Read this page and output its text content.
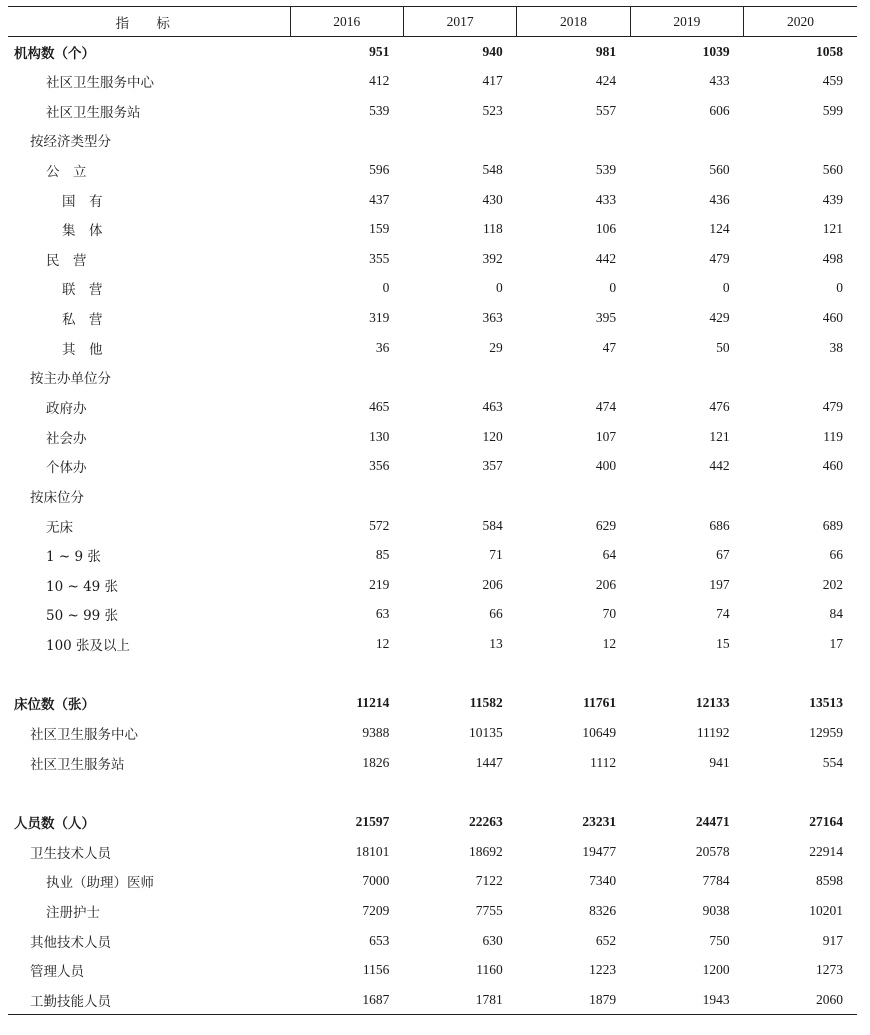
指 标	2016	2017	2018	2019	2020
机构数（个）	951	940	981	1039	1058
社区卫生服务中心	412	417	424	433	459
社区卫生服务站	539	523	557	606	599
按经济类型分					
公　立	596	548	539	560	560
国　有	437	430	433	436	439
集　体	159	118	106	124	121
民　营	355	392	442	479	498
联　营	0	0	0	0	0
私　营	319	363	395	429	460
其　他	36	29	47	50	38
按主办单位分					
政府办	465	463	474	476	479
社会办	130	120	107	121	119
个体办	356	357	400	442	460
按床位分					
无床	572	584	629	686	689
1 ~ 9 张	85	71	64	67	66
10 ~ 49 张	219	206	206	197	202
50 ~ 99 张	63	66	70	74	84
100 张及以上	12	13	12	15	17

床位数（张）	11214	11582	11761	12133	13513
社区卫生服务中心	9388	10135	10649	11192	12959
社区卫生服务站	1826	1447	1112	941	554

人员数（人）	21597	22263	23231	24471	27164
卫生技术人员	18101	18692	19477	20578	22914
执业（助理）医师	7000	7122	7340	7784	8598
注册护士	7209	7755	8326	9038	10201
其他技术人员	653	630	652	750	917
管理人员	1156	1160	1223	1200	1273
工勤技能人员	1687	1781	1879	1943	2060
